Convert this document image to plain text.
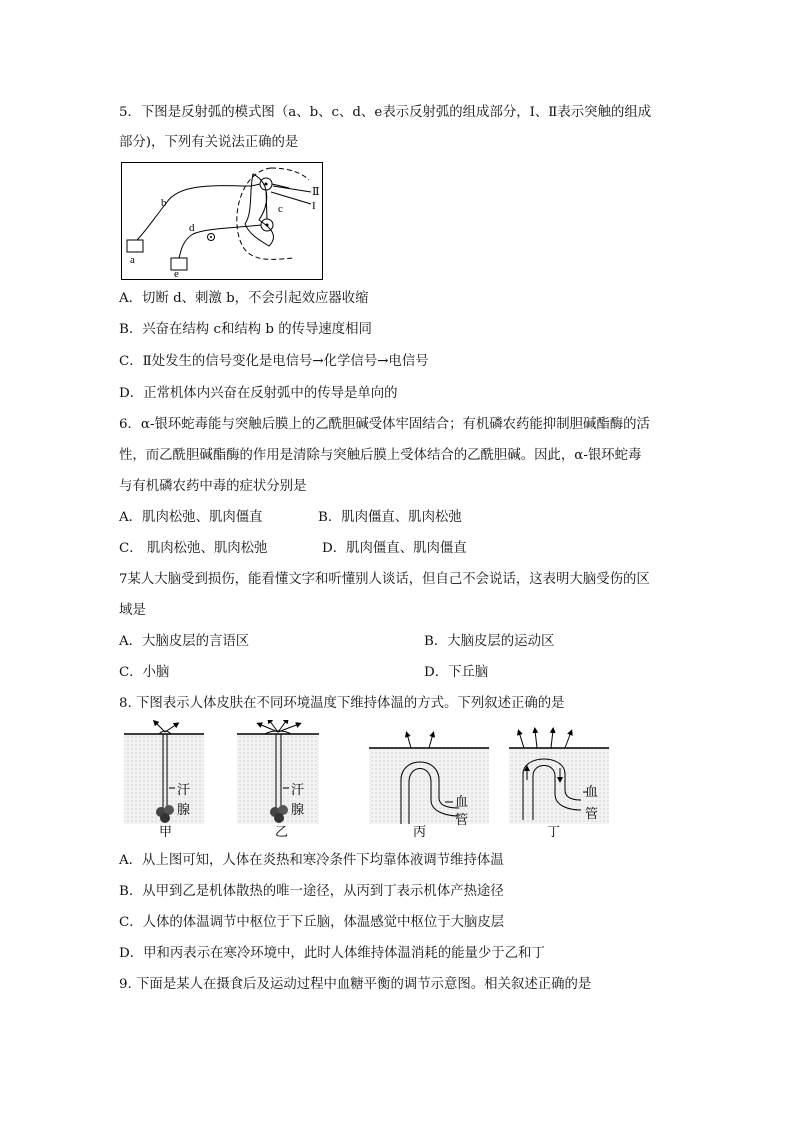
5．下图是反射弧的模式图（a、b、c、d、e表示反射弧的组成部分，Ⅰ、Ⅱ表示突触的组成
部分)，下列有关说法正确的是
a
b	c
d
e
Ⅱ
I
A．切断 d、刺激 b，不会引起效应器收缩
B．兴奋在结构 c和结构 b 的传导速度相同
C．Ⅱ处发生的信号变化是电信号→化学信号→电信号
D．正常机体内兴奋在反射弧中的传导是单向的
6．α-银环蛇毒能与突触后膜上的乙酰胆碱受体牢固结合；有机磷农药能抑制胆碱酯酶的活
性，而乙酰胆碱酯酶的作用是清除与突触后膜上受体结合的乙酰胆碱。因此，α-银环蛇毒
与有机磷农药中毒的症状分别是
A．肌肉松弛、肌肉僵直	B．肌肉僵直、肌肉松弛
C． 肌肉松弛、肌肉松弛	D．肌肉僵直、肌肉僵直
7某人大脑受到损伤，能看懂文字和听懂别人谈话，但自己不会说话，这表明大脑受伤的区
域是
A．大脑皮层的言语区	B．大脑皮层的运动区
C．小脑	D．下丘脑
8. 下图表示人体皮肤在不同环境温度下维持体温的方式。下列叙述正确的是
汗
腺
甲
汗
腺
乙
血
管
丙
血
管
丁
A．从上图可知，人体在炎热和寒冷条件下均靠体液调节维持体温
B．从甲到乙是机体散热的唯一途径，从丙到丁表示机体产热途径
C．人体的体温调节中枢位于下丘脑，体温感觉中枢位于大脑皮层
D．甲和丙表示在寒冷环境中，此时人体维持体温消耗的能量少于乙和丁
9. 下面是某人在摄食后及运动过程中血糖平衡的调节示意图。相关叙述正确的是
